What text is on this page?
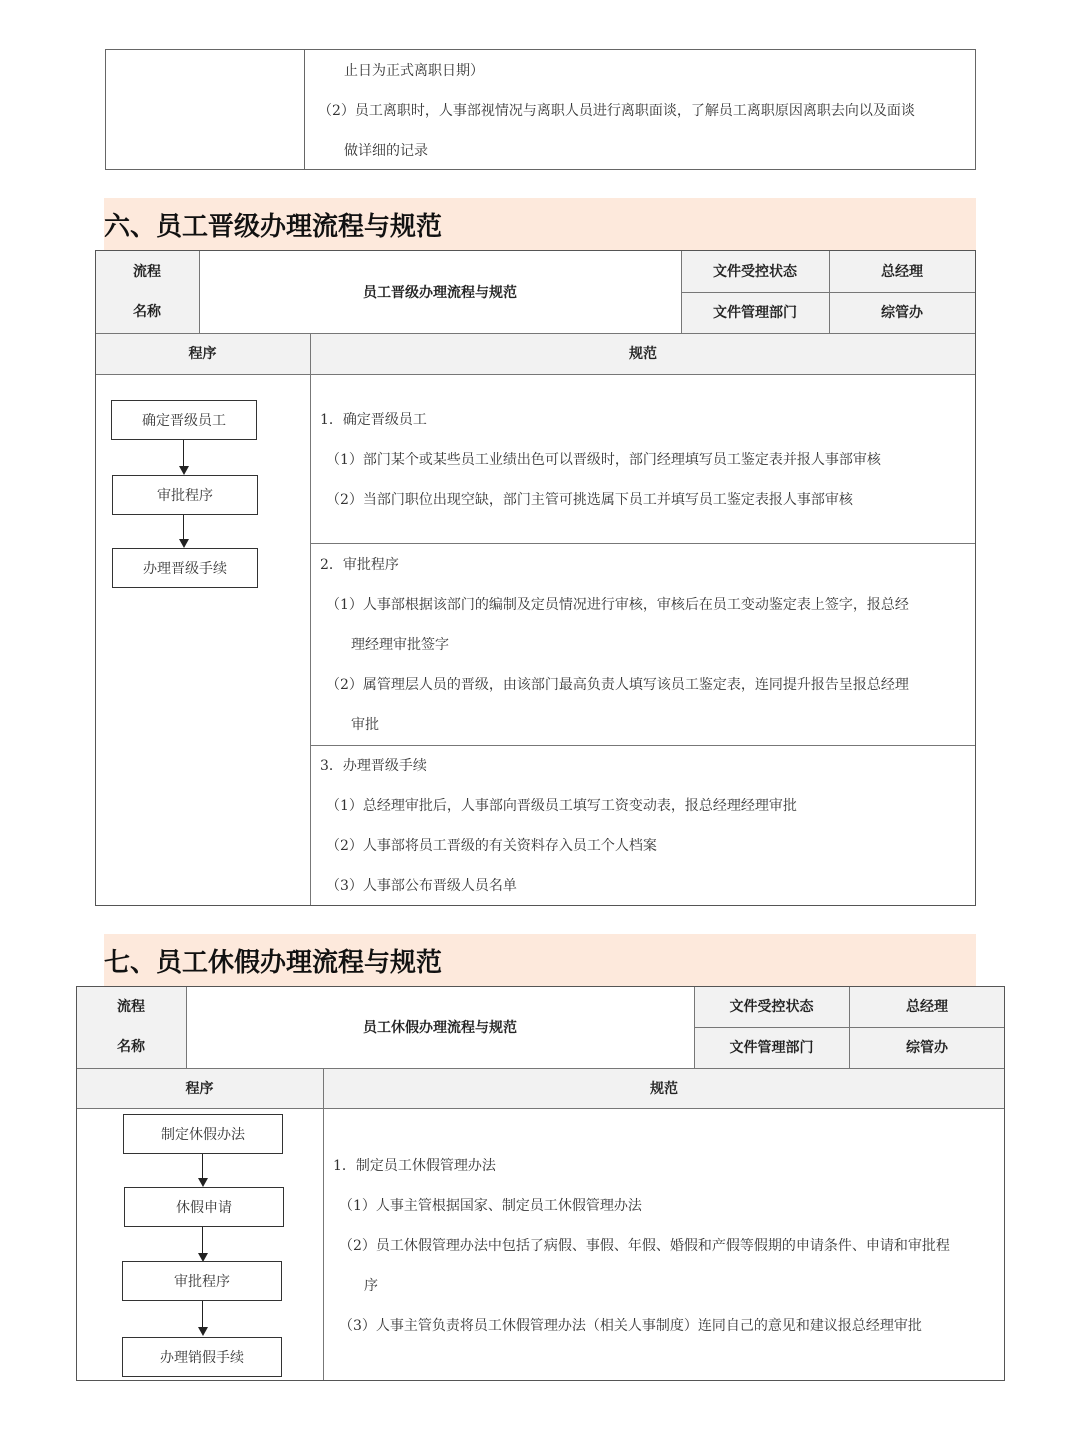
止日为正式离职日期）
（2）员工离职时，人事部视情况与离职人员进行离职面谈，了解员工离职原因离职去向以及面谈
做详细的记录
六、员工晋级办理流程与规范
流程
名称
员工晋级办理流程与规范
文件受控状态	总经理
文件管理部门	综管办
程序	规范
确定晋级员工
审批程序
办理晋级手续
1．确定晋级员工
（1）部门某个或某些员工业绩出色可以晋级时，部门经理填写员工鉴定表并报人事部审核
（2）当部门职位出现空缺，部门主管可挑选属下员工并填写员工鉴定表报人事部审核
2．审批程序
（1）人事部根据该部门的编制及定员情况进行审核，审核后在员工变动鉴定表上签字，报总经
理经理审批签字
（2）属管理层人员的晋级，由该部门最高负责人填写该员工鉴定表，连同提升报告呈报总经理
审批
3．办理晋级手续
（1）总经理审批后，人事部向晋级员工填写工资变动表，报总经理经理审批
（2）人事部将员工晋级的有关资料存入员工个人档案
（3）人事部公布晋级人员名单
七、员工休假办理流程与规范
流程
名称
员工休假办理流程与规范
文件受控状态	总经理
文件管理部门	综管办
程序	规范
制定休假办法
休假申请
审批程序
办理销假手续
1．制定员工休假管理办法
（1）人事主管根据国家、制定员工休假管理办法
（2）员工休假管理办法中包括了病假、事假、年假、婚假和产假等假期的申请条件、申请和审批程
序
（3）人事主管负责将员工休假管理办法（相关人事制度）连同自己的意见和建议报总经理审批
